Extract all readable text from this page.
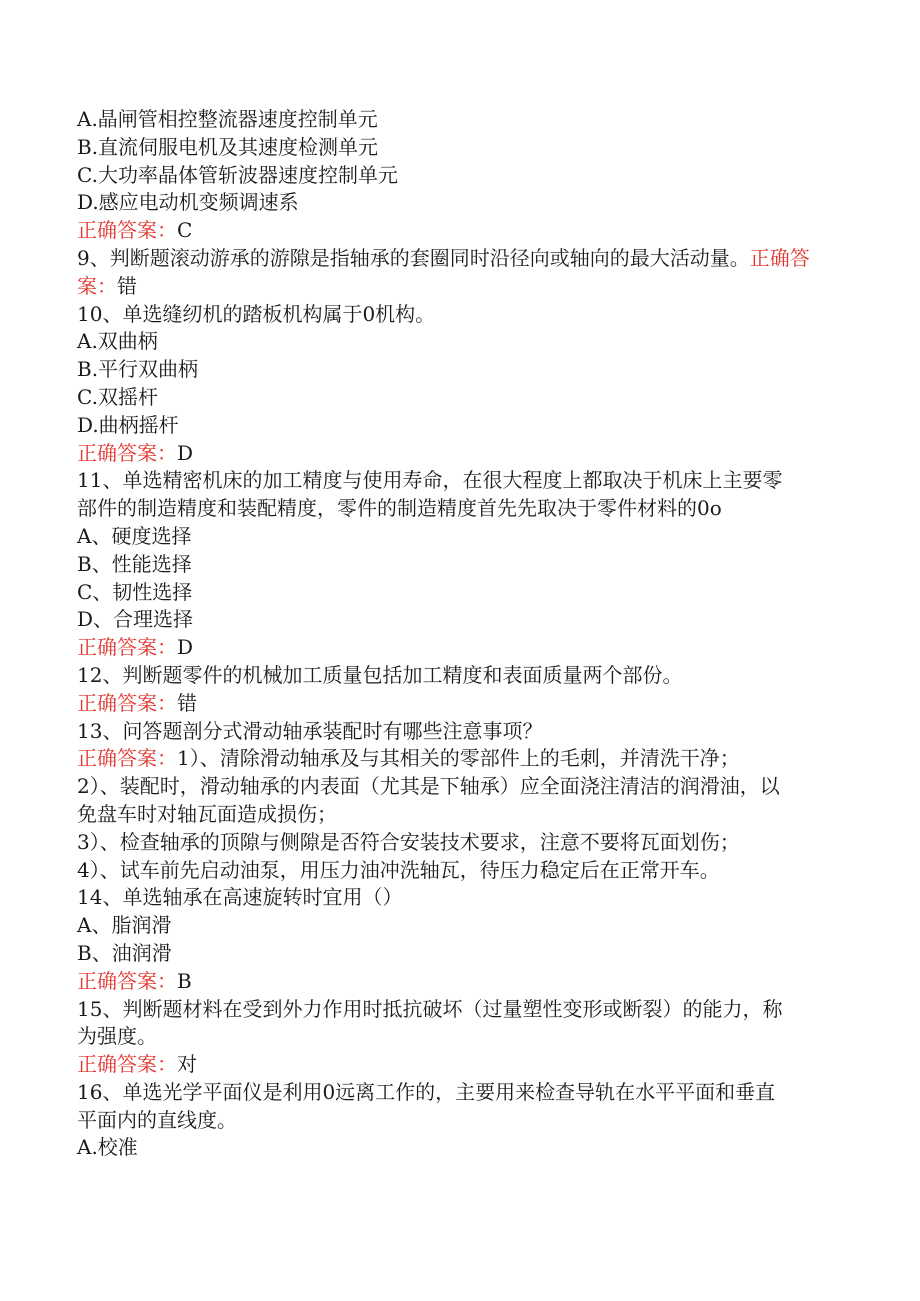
A.晶闸管相控整流器速度控制单元
B.直流伺服电机及其速度检测单元
C.大功率晶体管斩波器速度控制单元
D.感应电动机变频调速系
正确答案：C
9、判断题滚动游承的游隙是指轴承的套圈同时沿径向或轴向的最大活动量。正确答案：错
10、单选缝纫机的踏板机构属于0机构。
A.双曲柄
B.平行双曲柄
C.双摇杆
D.曲柄摇杆
正确答案：D
11、单选精密机床的加工精度与使用寿命，在很大程度上都取决于机床上主要零
部件的制造精度和装配精度，零件的制造精度首先先取决于零件材料的0o
A、硬度选择
B、性能选择
C、韧性选择
D、合理选择
正确答案：D
12、判断题零件的机械加工质量包括加工精度和表面质量两个部份。
正确答案：错
13、问答题剖分式滑动轴承装配时有哪些注意事项？
正确答案：1）、清除滑动轴承及与其相关的零部件上的毛刺，并清洗干净；
2）、装配时，滑动轴承的内表面（尤其是下轴承）应全面浇注清洁的润滑油，以
免盘车时对轴瓦面造成损伤；
3）、检查轴承的顶隙与侧隙是否符合安装技术要求，注意不要将瓦面划伤；
4）、试车前先启动油泵，用压力油冲洗轴瓦，待压力稳定后在正常开车。
14、单选轴承在高速旋转时宜用（）
A、脂润滑
B、油润滑
正确答案：B
15、判断题材料在受到外力作用时抵抗破坏（过量塑性变形或断裂）的能力，称
为强度。
正确答案：对
16、单选光学平面仪是利用0远离工作的，主要用来检查导轨在水平平面和垂直
平面内的直线度。
A.校准
